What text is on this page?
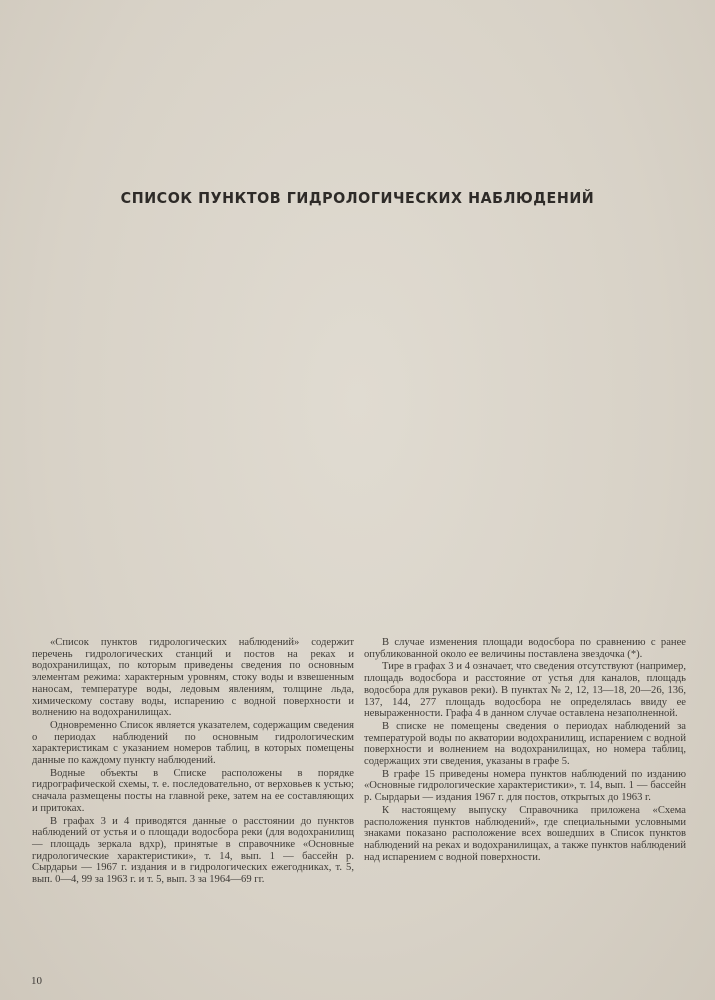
СПИСОК ПУНКТОВ ГИДРОЛОГИЧЕСКИХ НАБЛЮДЕНИЙ

«Список пунктов гидрологических наблюдений» содержит перечень гидрологических станций и постов на реках и водохранилищах, по которым приведены сведения по основным элементам режима: характерным уровням, стоку воды и взвешенным наносам, температуре воды, ледовым явлениям, толщине льда, химическому составу воды, испарению с водной поверхности и волнению на водохранилищах.

Одновременно Список является указателем, содержащим сведения о периодах наблюдений по основным гидрологическим характеристикам с указанием номеров таблиц, в которых помещены данные по каждому пункту наблюдений.

Водные объекты в Списке расположены в порядке гидрографической схемы, т. е. последовательно, от верховьев к устью; сначала размещены посты на главной реке, затем на ее составляющих и притоках.

В графах 3 и 4 приводятся данные о расстоянии до пунктов наблюдений от устья и о площади водосбора реки (для водохранилищ — площадь зеркала вдхр), принятые в справочнике «Основные гидрологические характеристики», т. 14, вып. 1 — бассейн р. Сырдарьи — 1967 г. издания и в гидрологических ежегодниках, т. 5, вып. 0—4, 99 за 1963 г. и т. 5, вып. 3 за 1964—69 гг.

В случае изменения площади водосбора по сравнению с ранее опубликованной около ее величины поставлена звездочка (*).

Тире в графах 3 и 4 означает, что сведения отсутствуют (например, площадь водосбора и расстояние от устья для каналов, площадь водосбора для рукавов реки). В пунктах № 2, 12, 13—18, 20—26, 136, 137, 144, 277 площадь водосбора не определялась ввиду ее невыраженности. Графа 4 в данном случае оставлена незаполненной.

В списке не помещены сведения о периодах наблюдений за температурой воды по акватории водохранилищ, испарением с водной поверхности и волнением на водохранилищах, но номера таблиц, содержащих эти сведения, указаны в графе 5.

В графе 15 приведены номера пунктов наблюдений по изданию «Основные гидрологические характеристики», т. 14, вып. 1 — бассейн р. Сырдарьи — издания 1967 г. для постов, открытых до 1963 г.

К настоящему выпуску Справочника приложена «Схема расположения пунктов наблюдений», где специальными условными знаками показано расположение всех вошедших в Список пунктов наблюдений на реках и водохранилищах, а также пунктов наблюдений над испарением с водной поверхности.

10
